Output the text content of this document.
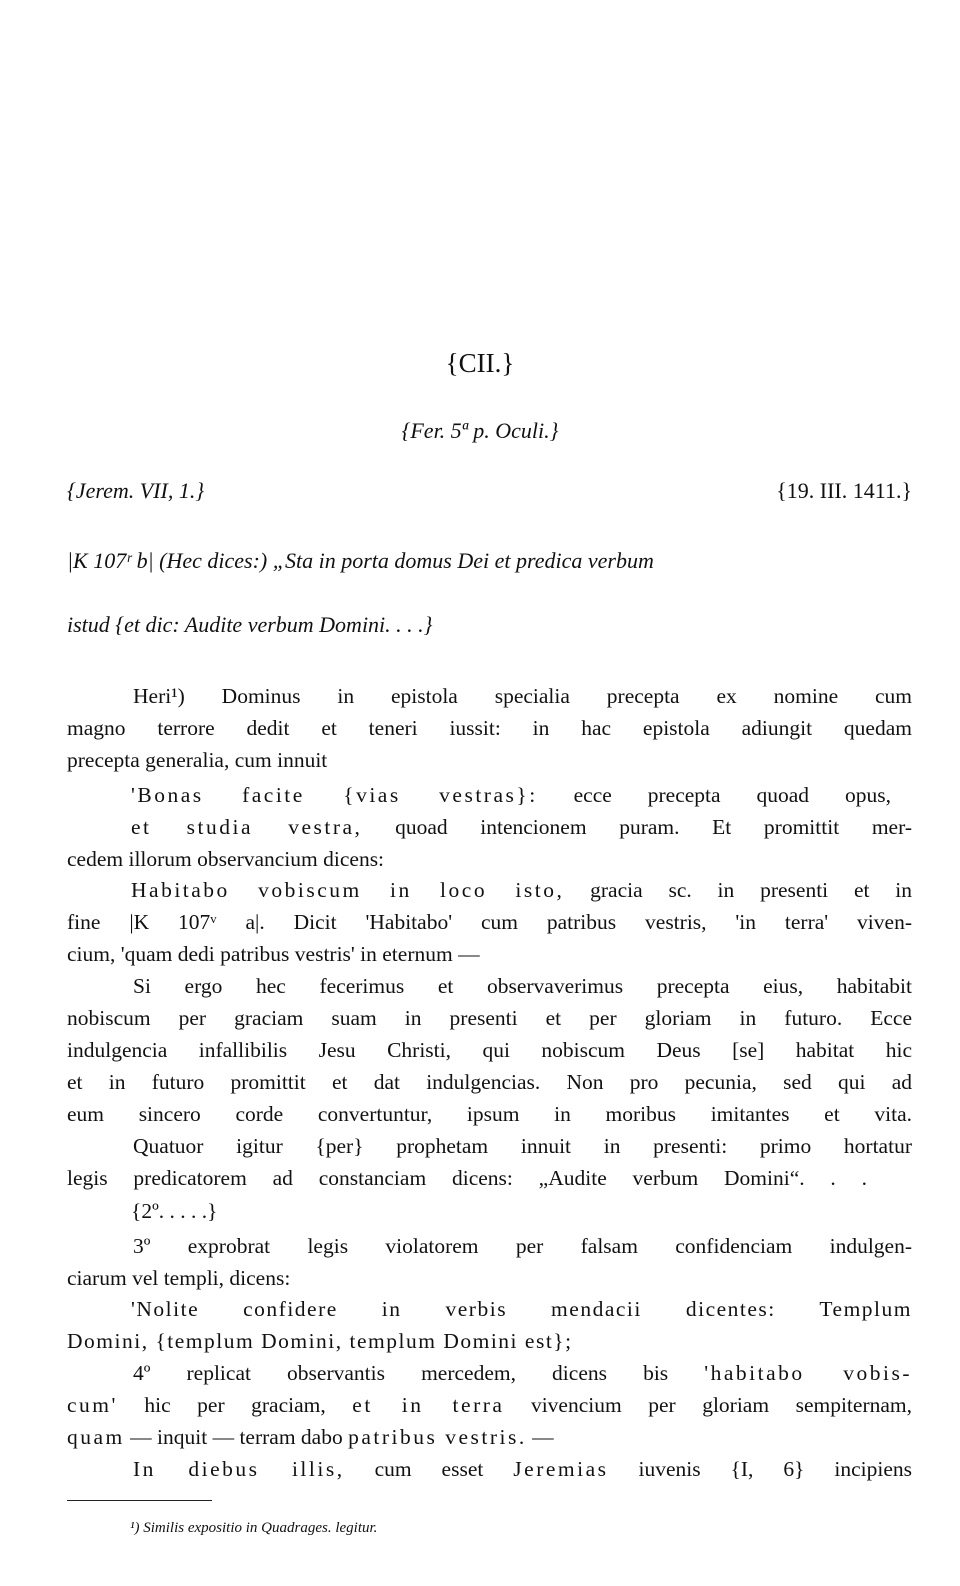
{CII.}
{Fer. 5ª p. Oculi.}
{Jerem. VII, 1.}	{19. III. 1411.}
|K 107ʳ b| (Hec dices:) „Sta in porta domus Dei et predica verbum
istud {et dic: Audite verbum Domini. . . .}
Heri¹) Dominus in epistola specialia precepta ex nomine cum
magno terrore dedit et teneri iussit: in hac epistola adiungit quedam
precepta generalia, cum innuit
'Bonas facite {vias vestras}: ecce precepta quoad opus,
et studia vestra, quoad intencionem puram. Et promittit mer-
cedem illorum observancium dicens:
Habitabo vobiscum in loco isto, gracia sc. in presenti et in
fine |K 107ᵛ a|. Dicit 'Habitabo' cum patribus vestris, 'in terra' viven-
cium, 'quam dedi patribus vestris' in eternum —
Si ergo hec fecerimus et observaverimus precepta eius, habitabit
nobiscum per graciam suam in presenti et per gloriam in futuro. Ecce
indulgencia infallibilis Jesu Christi, qui nobiscum Deus [se] habitat hic
et in futuro promittit et dat indulgencias. Non pro pecunia, sed qui ad
eum sincero corde convertuntur, ipsum in moribus imitantes et vita.
Quatuor igitur {per} prophetam innuit in presenti: primo hortatur
legis predicatorem ad constanciam dicens: „Audite verbum Domini“. . .
{2º. . . . .}
3º exprobrat legis violatorem per falsam confidenciam indulgen-
ciarum vel templi, dicens:
'Nolite confidere in verbis mendacii dicentes: Templum
Domini, {templum Domini, templum Domini est};
4º replicat observantis mercedem, dicens bis 'habitabo vobis-
cum' hic per graciam, et in terra vivencium per gloriam sempiternam,
quam — inquit — terram dabo patribus vestris. —
In diebus illis, cum esset Jeremias iuvenis {I, 6} incipiens
¹) Similis expositio in Quadrages. legitur.
